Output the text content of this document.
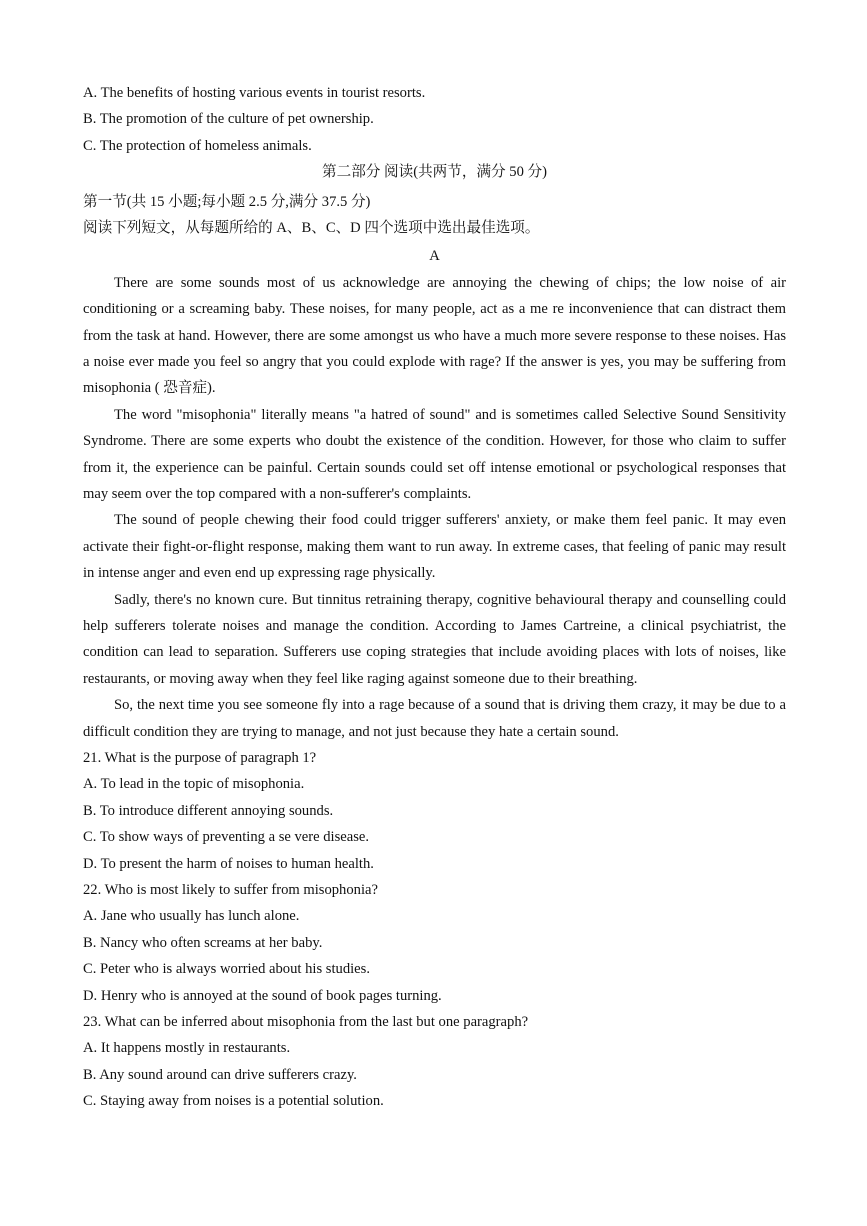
A. The benefits of hosting various events in tourist resorts.
B. The promotion of the culture of pet ownership.
C. The protection of homeless animals.
第二部分 阅读(共两节，满分 50 分)
第一节(共 15 小题;每小题 2.5 分,满分 37.5 分)
阅读下列短文，从每题所给的 A、B、C、D 四个选项中选出最佳选项。
A

There are some sounds most of us acknowledge are annoying the chewing of chips; the low noise of air conditioning or a screaming baby. These noises, for many people, act as a me re inconvenience that can distract them from the task at hand. However, there are some amongst us who have a much more severe response to these noises. Has a noise ever made you feel so angry that you could explode with rage? If the answer is yes, you may be suffering from misophonia ( 恐音症).

The word "misophonia" literally means "a hatred of sound" and is sometimes called Selective Sound Sensitivity Syndrome. There are some experts who doubt the existence of the condition. However, for those who claim to suffer from it, the experience can be painful. Certain sounds could set off intense emotional or psychological responses that may seem over the top compared with a non-sufferer's complaints.

The sound of people chewing their food could trigger sufferers' anxiety, or make them feel panic. It may even activate their fight-or-flight response, making them want to run away. In extreme cases, that feeling of panic may result in intense anger and even end up expressing rage physically.

Sadly, there's no known cure. But tinnitus retraining therapy, cognitive behavioural therapy and counselling could help sufferers tolerate noises and manage the condition. According to James Cartreine, a clinical psychiatrist, the condition can lead to separation. Sufferers use coping strategies that include avoiding places with lots of noises, like restaurants, or moving away when they feel like raging against someone due to their breathing.

So, the next time you see someone fly into a rage because of a sound that is driving them crazy, it may be due to a difficult condition they are trying to manage, and not just because they hate a certain sound.

21. What is the purpose of paragraph 1?
A. To lead in the topic of misophonia.
B. To introduce different annoying sounds.
C. To show ways of preventing a se vere disease.
D. To present the harm of noises to human health.
22. Who is most likely to suffer from misophonia?
A. Jane who usually has lunch alone.
B. Nancy who often screams at her baby.
C. Peter who is always worried about his studies.
D. Henry who is annoyed at the sound of book pages turning.
23. What can be inferred about misophonia from the last but one paragraph?
A. It happens mostly in restaurants.
B. Any sound around can drive sufferers crazy.
C. Staying away from noises is a potential solution.
